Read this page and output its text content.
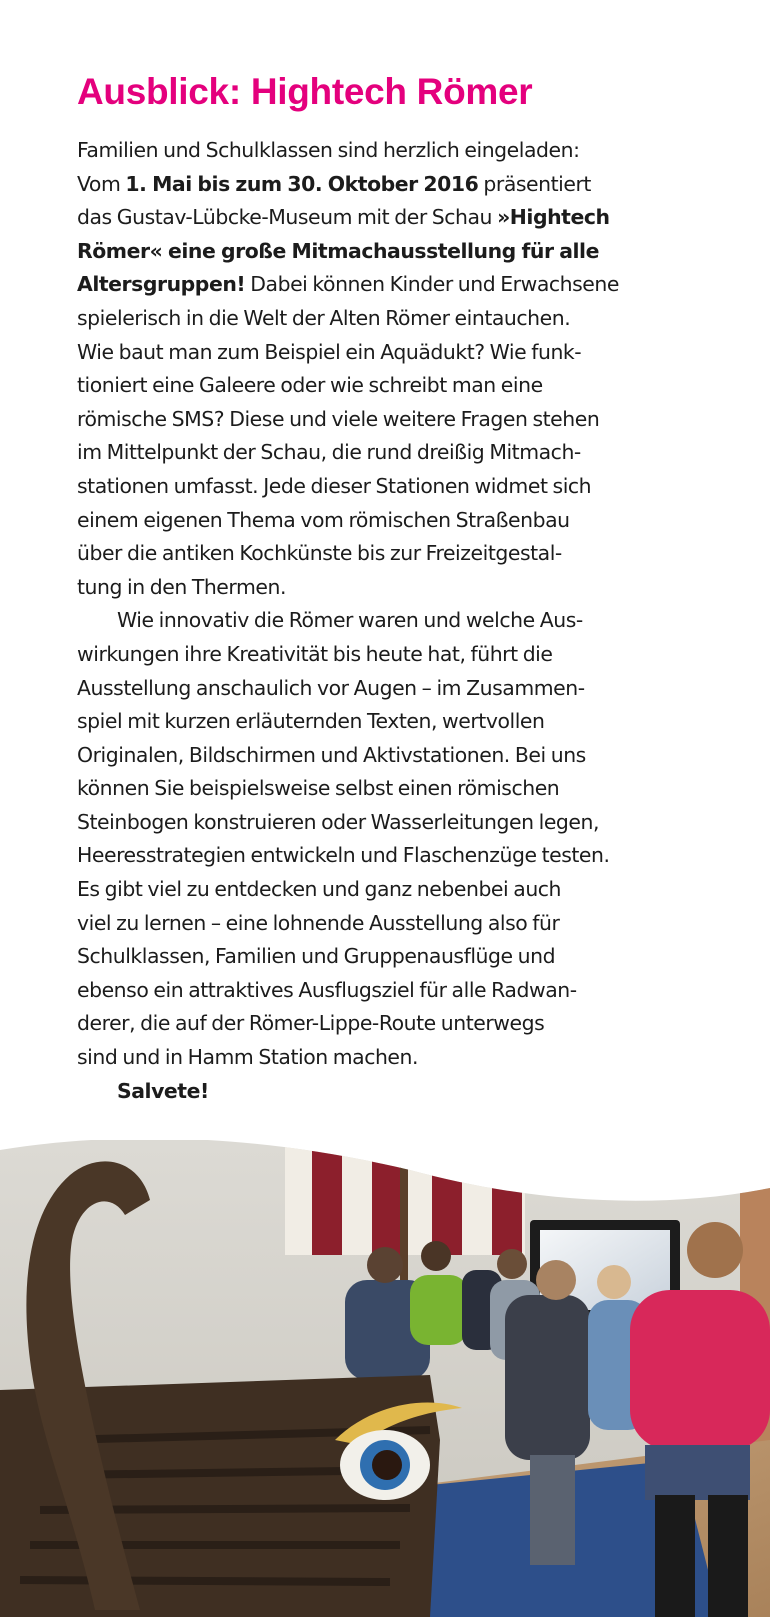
Ausblick: Hightech Römer
Familien und Schulklassen sind herzlich eingeladen:
Vom 1. Mai bis zum 30. Oktober 2016 präsentiert
das Gustav-Lübcke-Museum mit der Schau »Hightech
Römer« eine große Mitmachausstellung für alle
Altersgruppen! Dabei können Kinder und Erwachsene
spielerisch in die Welt der Alten Römer eintauchen.
Wie baut man zum Beispiel ein Aquädukt? Wie funk-
tioniert eine Galeere oder wie schreibt man eine
römische SMS? Diese und viele weitere Fragen stehen
im Mittelpunkt der Schau, die rund dreißig Mitmach-
stationen umfasst. Jede dieser Stationen widmet sich
einem eigenen Thema vom römischen Straßenbau
über die antiken Kochkünste bis zur Freizeitgestal-
tung in den Thermen.
Wie innovativ die Römer waren und welche Aus-
wirkungen ihre Kreativität bis heute hat, führt die
Ausstellung anschaulich vor Augen – im Zusammen-
spiel mit kurzen erläuternden Texten, wertvollen
Originalen, Bildschirmen und Aktivstationen. Bei uns
können Sie beispielsweise selbst einen römischen
Steinbogen konstruieren oder Wasserleitungen legen,
Heeresstrategien entwickeln und Flaschenzüge testen.
Es gibt viel zu entdecken und ganz nebenbei auch
viel zu lernen – eine lohnende Ausstellung also für
Schulklassen, Familien und Gruppenausflüge und
ebenso ein attraktives Ausflugsziel für alle Radwan-
derer, die auf der Römer-Lippe-Route unterwegs
sind und in Hamm Station machen.
Salvete!
